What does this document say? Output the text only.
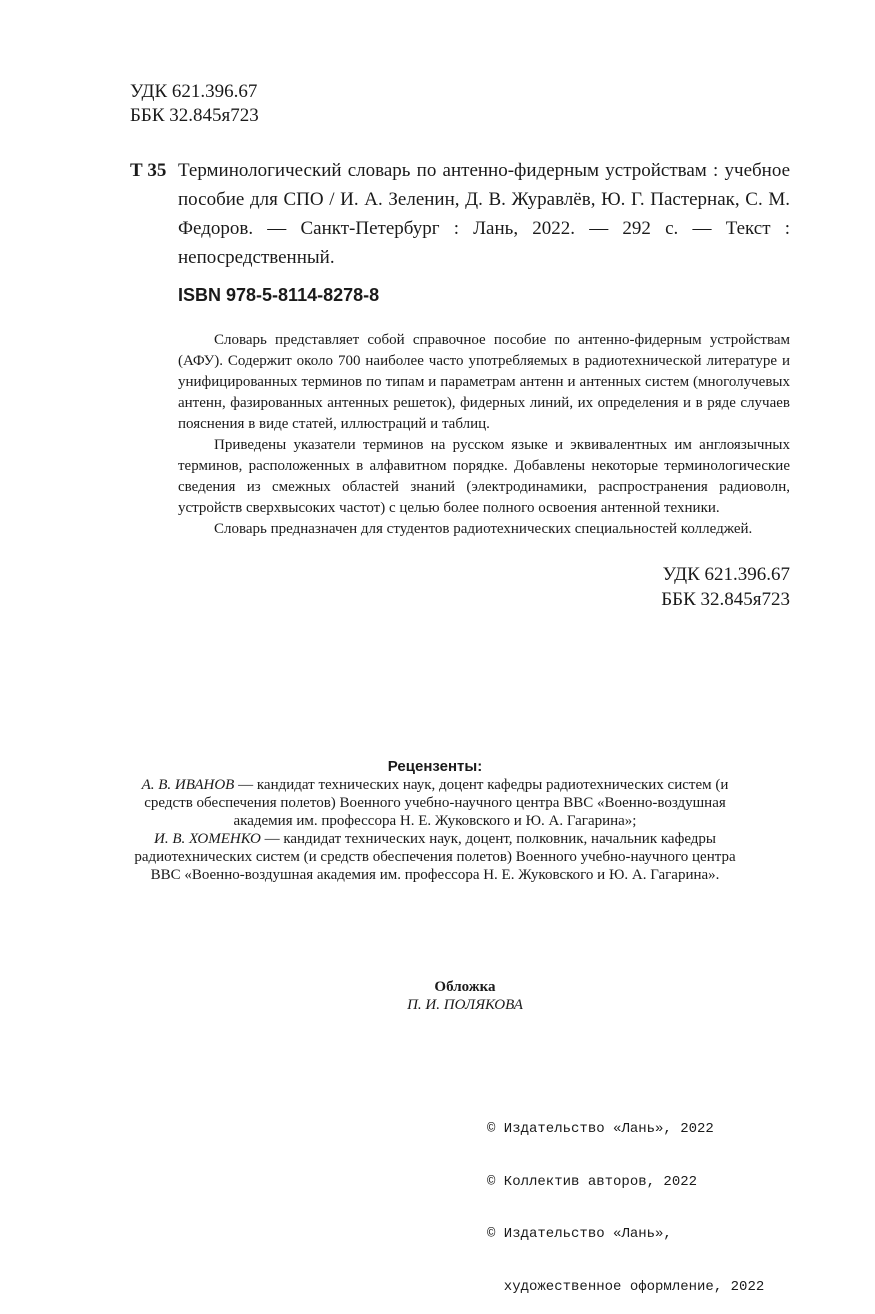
УДК 621.396.67
ББК 32.845я723
Т 35 Терминологический словарь по антенно-фидерным устройствам : учебное пособие для СПО / И. А. Зеленин, Д. В. Журавлёв, Ю. Г. Пастернак, С. М. Федоров. — Санкт-Петербург : Лань, 2022. — 292 с. — Текст : непосредственный.
ISBN 978-5-8114-8278-8

Словарь представляет собой справочное пособие по антенно-фидерным устройствам (АФУ). Содержит около 700 наиболее часто употребляемых в радиотехнической литературе и унифицированных терминов по типам и параметрам антенн и антенных систем (многолучевых антенн, фазированных антенных решеток), фидерных линий, их определения и в ряде случаев пояснения в виде статей, иллюстраций и таблиц.

Приведены указатели терминов на русском языке и эквивалентных им англоязычных терминов, расположенных в алфавитном порядке. Добавлены некоторые терминологические сведения из смежных областей знаний (электродинамики, распространения радиоволн, устройств сверхвысоких частот) с целью более полного освоения антенной техники.

Словарь предназначен для студентов радиотехнических специальностей колледжей.

УДК 621.396.67
ББК 32.845я723
Рецензенты:
А. В. ИВАНОВ — кандидат технических наук, доцент кафедры радиотехнических систем (и средств обеспечения полетов) Военного учебно-научного центра ВВС «Военно-воздушная академия им. профессора Н. Е. Жуковского и Ю. А. Гагарина»;
И. В. ХОМЕНКО — кандидат технических наук, доцент, полковник, начальник кафедры радиотехнических систем (и средств обеспечения полетов) Военного учебно-научного центра ВВС «Военно-воздушная академия им. профессора Н. Е. Жуковского и Ю. А. Гагарина».
Обложка
П. И. ПОЛЯКОВА

© Издательство «Лань», 2022

© Коллектив авторов, 2022

© Издательство «Лань»,

художественное оформление, 2022
